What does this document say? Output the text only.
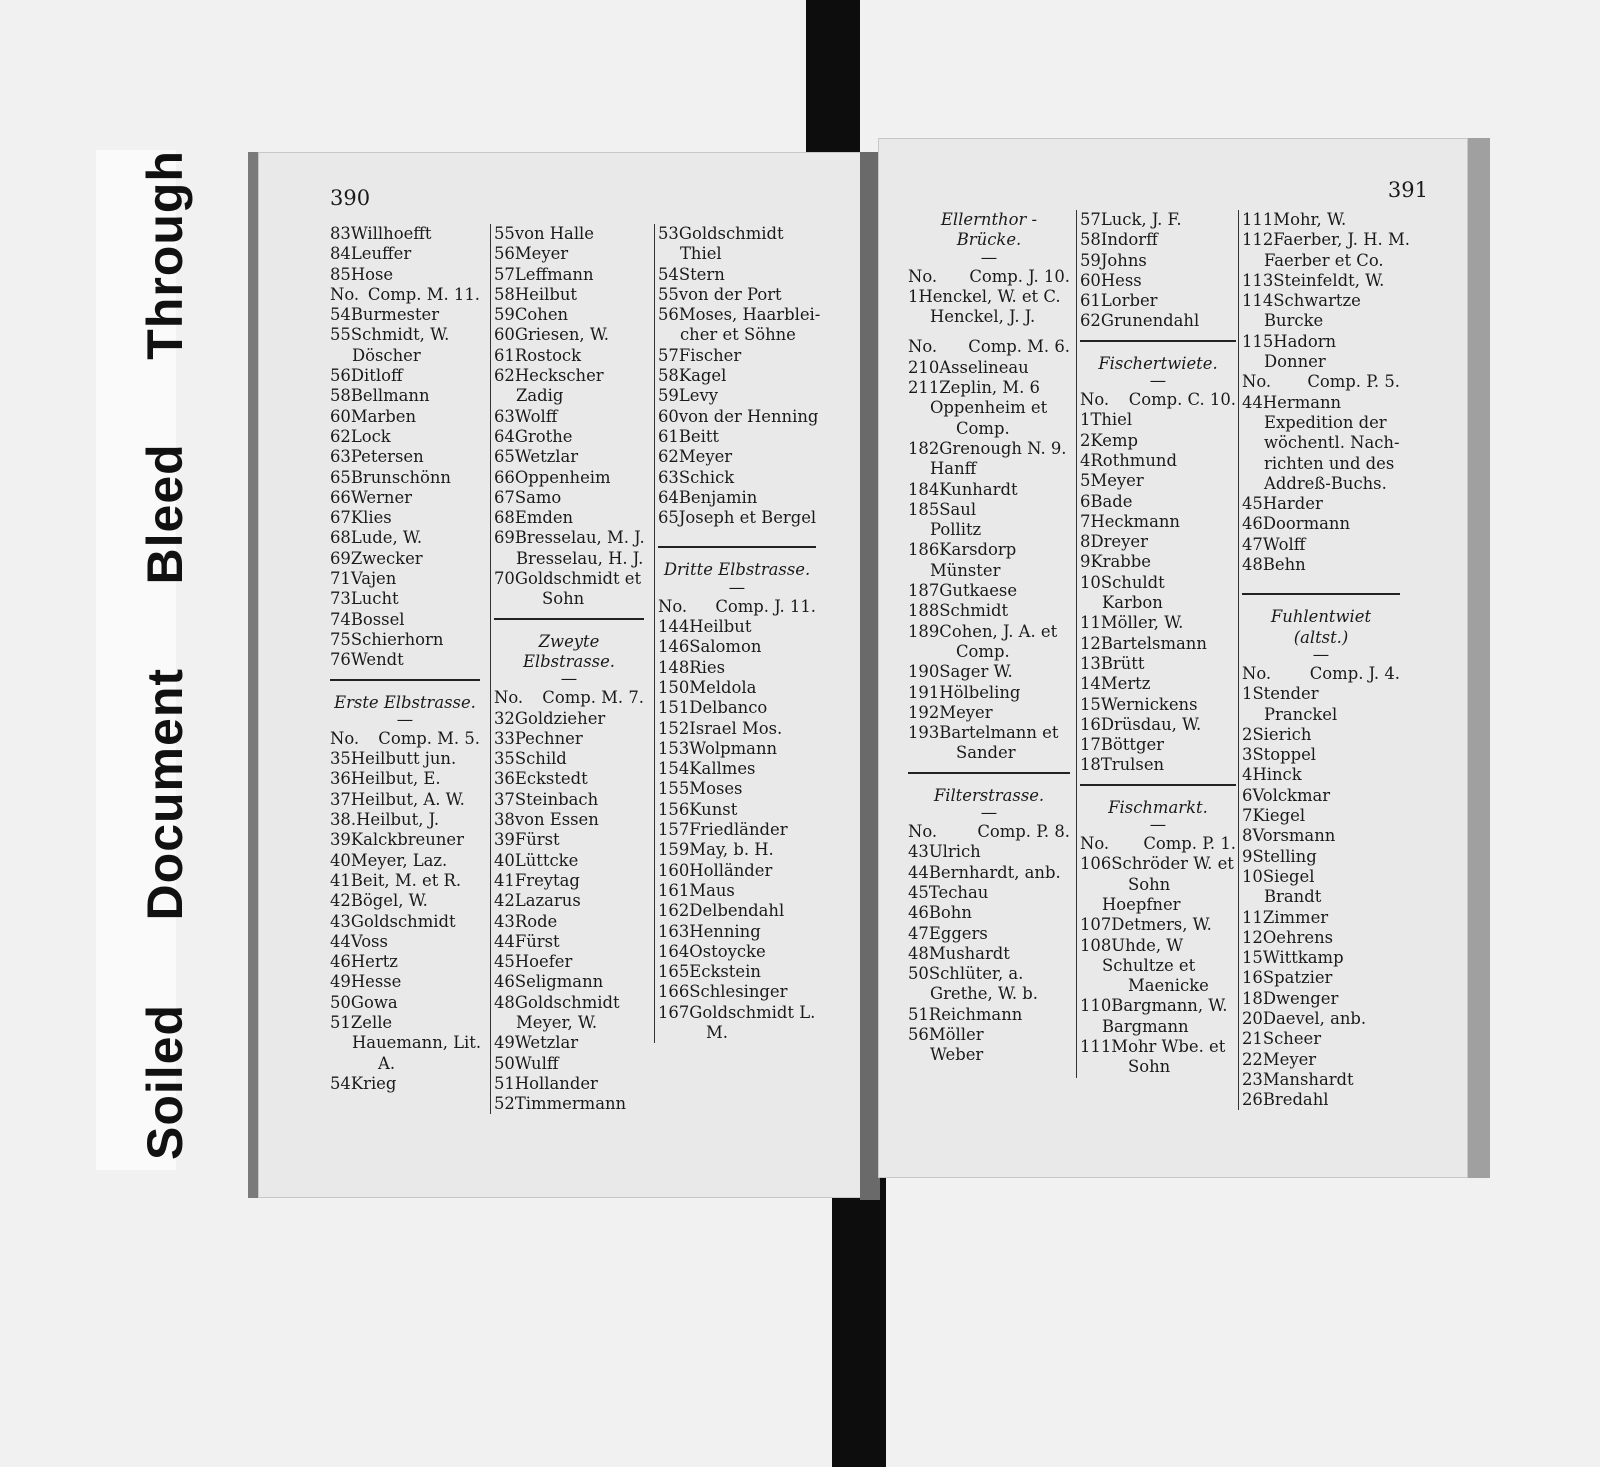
Soiled
Document
Bleed
Through	390
83Willhoefft
84Leuffer
85Hose
No. Comp. M. 11.
54Burmester
55Schmidt, W.
Döscher
56Ditloff
58Bellmann
60Marben
62Lock
63Petersen
65Brunschönn
66Werner
67Klies
68Lude, W.
69Zwecker
71Vajen
73Lucht
74Bossel
75Schierhorn
76Wendt
Erste Elbstrasse.
—
No. Comp. M. 5.
35Heilbutt jun.
36Heilbut, E.
37Heilbut, A. W.
38.Heilbut, J.
39Kalckbreuner
40Meyer, Laz.
41Beit, M. et R.
42Bögel, W.
43Goldschmidt
44Voss
46Hertz
49Hesse
50Gowa
51Zelle
Hauemann, Lit.
A.
54Krieg
55von Halle
56Meyer
57Leffmann
58Heilbut
59Cohen
60Griesen, W.
61Rostock
62Heckscher
Zadig
63Wolff
64Grothe
65Wetzlar
66Oppenheim
67Samo
68Emden
69Bresselau, M. J.
Bresselau, H. J.
70Goldschmidt et
Sohn
Zweyte Elbstrasse.
—
No. Comp. M. 7.
32Goldzieher
33Pechner
35Schild
36Eckstedt
37Steinbach
38von Essen
39Fürst
40Lüttcke
41Freytag
42Lazarus
43Rode
44Fürst
45Hoefer
46Seligmann
48Goldschmidt
Meyer, W.
49Wetzlar
50Wulff
51Hollander
52Timmermann
53Goldschmidt
Thiel
54Stern
55von der Port
56Moses, Haarblei-
cher et Söhne
57Fischer
58Kagel
59Levy
60von der Henning
61Beitt
62Meyer
63Schick
64Benjamin
65Joseph et Bergel
Dritte Elbstrasse.
—
No. Comp. J. 11.
144Heilbut
146Salomon
148Ries
150Meldola
151Delbanco
152Israel Mos.
153Wolpmann
154Kallmes
155Moses
156Kunst
157Friedländer
159May, b. H.
160Holländer
161Maus
162Delbendahl
163Henning
164Ostoycke
165Eckstein
166Schlesinger
167Goldschmidt L.
M.
391
Ellernthor - Brücke.
—
No. Comp. J. 10.
1Henckel, W. et C.
Henckel, J. J.
No. Comp. M. 6.
210Asselineau
211Zeplin, M. 6
Oppenheim et
Comp.
182Grenough N. 9.
Hanff
184Kunhardt
185Saul
Pollitz
186Karsdorp
Münster
187Gutkaese
188Schmidt
189Cohen, J. A. et
Comp.
190Sager W.
191Hölbeling
192Meyer
193Bartelmann et
Sander
Filterstrasse.
—
No. Comp. P. 8.
43Ulrich
44Bernhardt, anb.
45Techau
46Bohn
47Eggers
48Mushardt
50Schlüter, a.
Grethe, W. b.
51Reichmann
56Möller
Weber
57Luck, J. F.
58Indorff
59Johns
60Hess
61Lorber
62Grunendahl
Fischertwiete.
—
No. Comp. C. 10.
1Thiel
2Kemp
4Rothmund
5Meyer
6Bade
7Heckmann
8Dreyer
9Krabbe
10Schuldt
Karbon
11Möller, W.
12Bartelsmann
13Brütt
14Mertz
15Wernickens
16Drüsdau, W.
17Böttger
18Trulsen
Fischmarkt.
—
No. Comp. P. 1.
106Schröder W. et
Sohn
Hoepfner
107Detmers, W.
108Uhde, W
Schultze et
Maenicke
110Bargmann, W.
Bargmann
111Mohr Wbe. et
Sohn
111Mohr, W.
112Faerber, J. H. M.
Faerber et Co.
113Steinfeldt, W.
114Schwartze
Burcke
115Hadorn
Donner
No. Comp. P. 5.
44Hermann
Expedition der
wöchentl. Nach-
richten und des
Addreß-Buchs.
45Harder
46Doormann
47Wolff
48Behn
Fuhlentwiet (altst.)
—
No. Comp. J. 4.
1Stender
Pranckel
2Sierich
3Stoppel
4Hinck
6Volckmar
7Kiegel
8Vorsmann
9Stelling
10Siegel
Brandt
11Zimmer
12Oehrens
15Wittkamp
16Spatzier
18Dwenger
20Daevel, anb.
21Scheer
22Meyer
23Manshardt
26Bredahl
